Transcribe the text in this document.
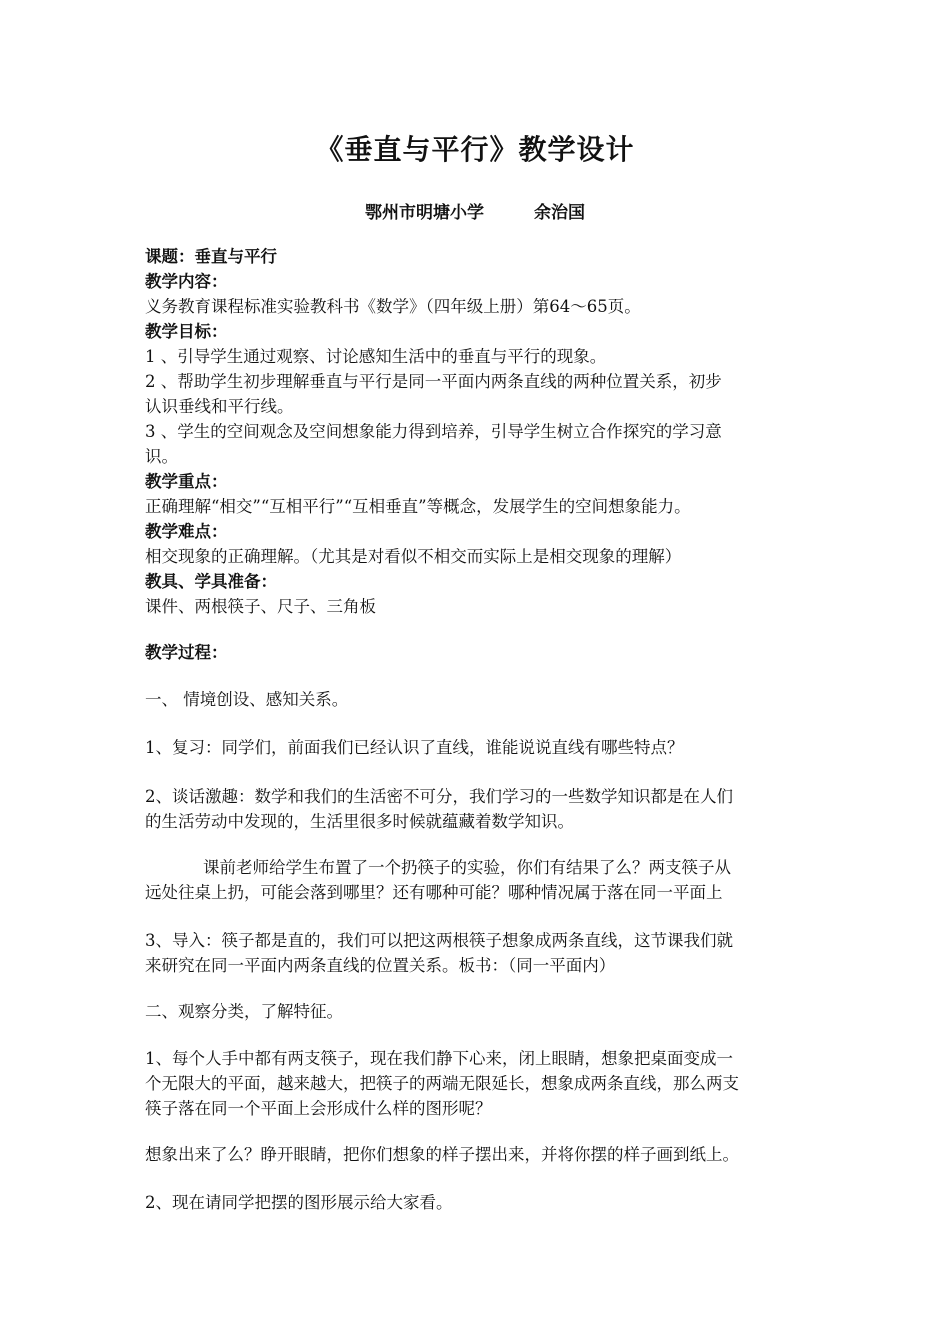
《垂直与平行》教学设计
鄂州市明塘小学	余治国

课题：垂直与平行

教学内容：

义务教育课程标准实验教科书《数学》（四年级上册）第64～65页。

教学目标：

1 、引导学生通过观察、讨论感知生活中的垂直与平行的现象。

2 、帮助学生初步理解垂直与平行是同一平面内两条直线的两种位置关系，初步

认识垂线和平行线。

3 、学生的空间观念及空间想象能力得到培养，引导学生树立合作探究的学习意

识。

教学重点：

正确理解“相交”“互相平行”“互相垂直”等概念，发展学生的空间想象能力。

教学难点：

相交现象的正确理解。（尤其是对看似不相交而实际上是相交现象的理解）

教具、学具准备：

课件、两根筷子、尺子、三角板

教学过程：

一、 情境创设、感知关系。

1、复习：同学们，前面我们已经认识了直线，谁能说说直线有哪些特点？

2、谈话激趣：数学和我们的生活密不可分，我们学习的一些数学知识都是在人们

的生活劳动中发现的，生活里很多时候就蕴藏着数学知识。

课前老师给学生布置了一个扔筷子的实验，你们有结果了么？两支筷子从

远处往桌上扔，可能会落到哪里？还有哪种可能？哪种情况属于落在同一平面上

3、导入：筷子都是直的，我们可以把这两根筷子想象成两条直线，这节课我们就

来研究在同一平面内两条直线的位置关系。板书：（同一平面内）

二、观察分类，了解特征。

1、每个人手中都有两支筷子，现在我们静下心来，闭上眼睛，想象把桌面变成一

个无限大的平面，越来越大，把筷子的两端无限延长，想象成两条直线，那么两支

筷子落在同一个平面上会形成什么样的图形呢？

想象出来了么？睁开眼睛，把你们想象的样子摆出来，并将你摆的样子画到纸上。

2、现在请同学把摆的图形展示给大家看。
